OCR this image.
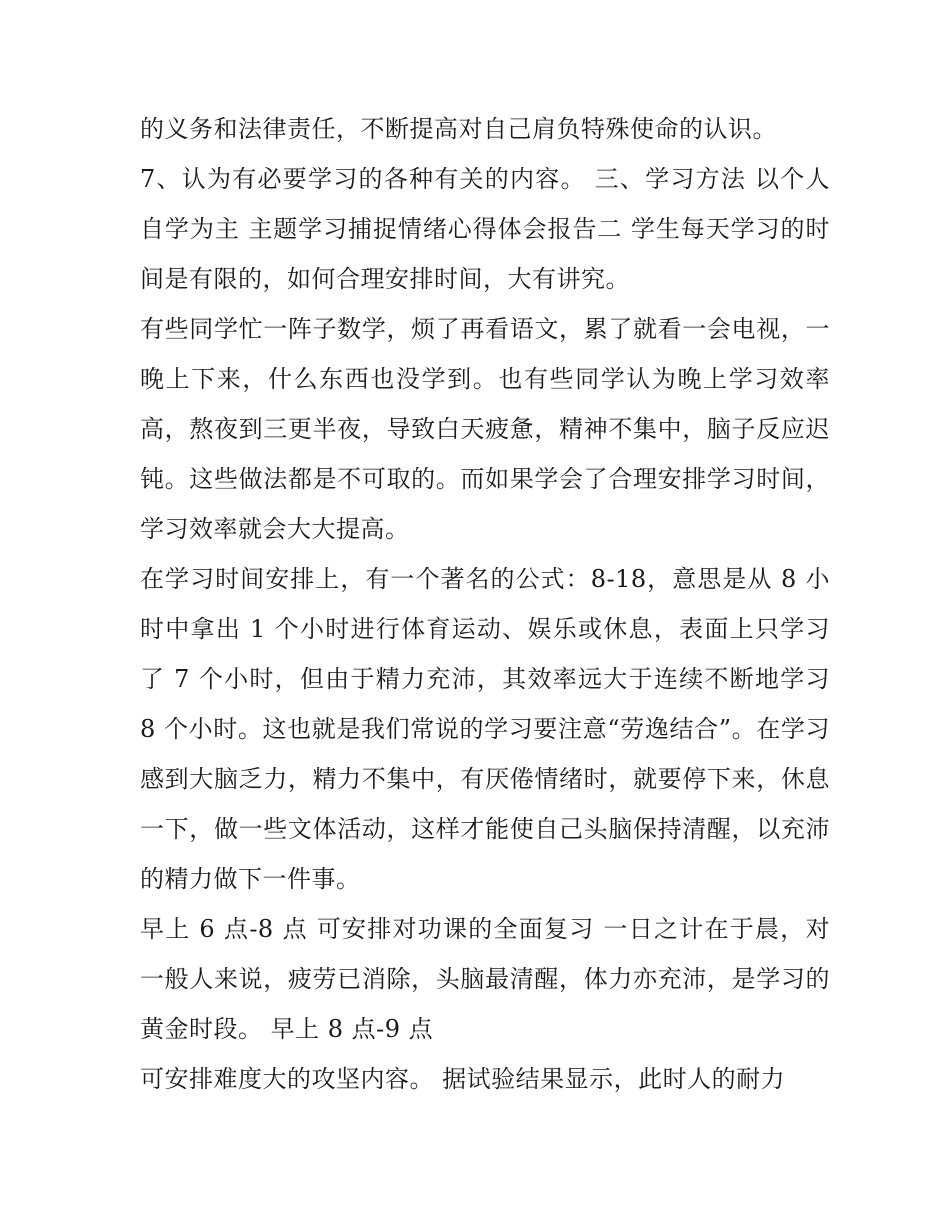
的义务和法律责任，不断提高对自己肩负特殊使命的认识。

7、认为有必要学习的各种有关的内容。 三、学习方法 以个人自学为主 主题学习捕捉情绪心得体会报告二 学生每天学习的时间是有限的，如何合理安排时间，大有讲究。

有些同学忙一阵子数学，烦了再看语文，累了就看一会电视，一晚上下来，什么东西也没学到。也有些同学认为晚上学习效率高，熬夜到三更半夜，导致白天疲惫，精神不集中，脑子反应迟钝。这些做法都是不可取的。而如果学会了合理安排学习时间，学习效率就会大大提高。

在学习时间安排上，有一个著名的公式：8-18，意思是从 8 小时中拿出 1 个小时进行体育运动、娱乐或休息，表面上只学习了 7 个小时，但由于精力充沛，其效率远大于连续不断地学习 8 个小时。这也就是我们常说的学习要注意“劳逸结合”。在学习感到大脑乏力，精力不集中，有厌倦情绪时，就要停下来，休息一下，做一些文体活动，这样才能使自己头脑保持清醒，以充沛的精力做下一件事。

早上 6 点-8 点 可安排对功课的全面复习 一日之计在于晨，对一般人来说，疲劳已消除，头脑最清醒，体力亦充沛，是学习的黄金时段。 早上 8 点-9 点

可安排难度大的攻坚内容。 据试验结果显示，此时人的耐力
